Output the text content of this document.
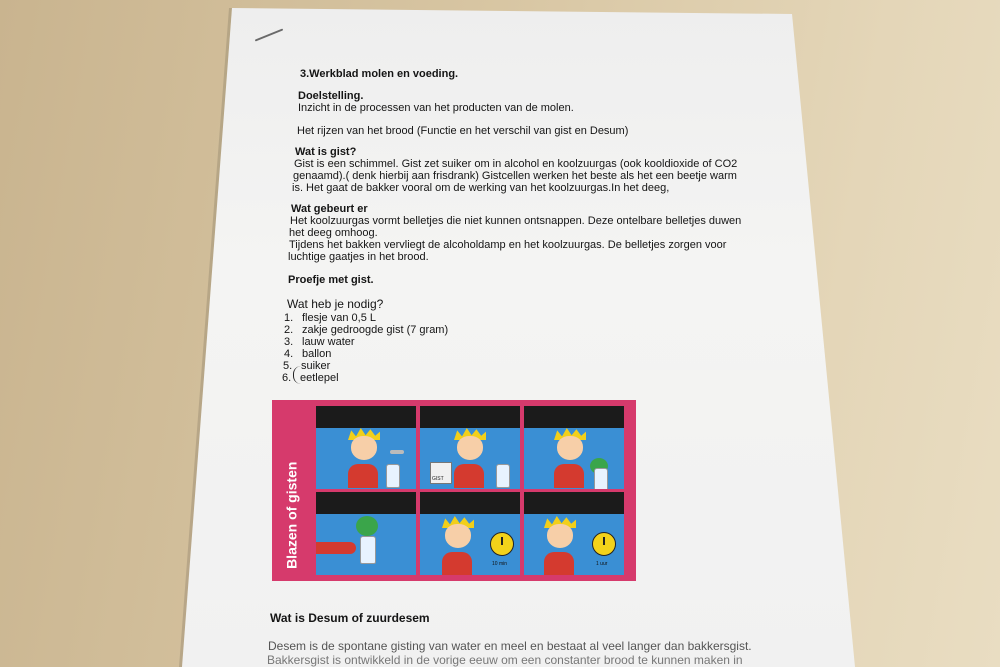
3.Werkblad molen en voeding.

Doelstelling.

Inzicht in de processen van het producten van de molen.

Het rijzen van het brood (Functie en het verschil van gist en Desum)

Wat is gist?

Gist is een schimmel. Gist zet suiker om in alcohol en koolzuurgas (ook kooldioxide of CO2

genaamd).( denk hierbij aan frisdrank) Gistcellen werken het beste als het een beetje warm

is. Het gaat de bakker vooral om de werking van het koolzuurgas.In het deeg,

Wat gebeurt er

Het koolzuurgas vormt belletjes die niet kunnen ontsnappen. Deze ontelbare belletjes duwen

het deeg omhoog.

Tijdens het bakken vervliegt de alcoholdamp en het koolzuurgas. De belletjes zorgen voor

luchtige gaatjes in het brood.

Proefje met gist.

Wat heb je nodig?

1. flesje van 0,5 L
2. zakje gedroogde gist (7 gram)
3. lauw water
4. ballon
5. suiker
6. eetlepel
Blazen of gisten	GIST
10 min	1 uur

Wat is Desum of zuurdesem

Desem is de spontane gisting van water en meel en bestaat al veel langer dan bakkersgist.

Bakkersgist is ontwikkeld in de vorige eeuw om een constanter brood te kunnen maken in
